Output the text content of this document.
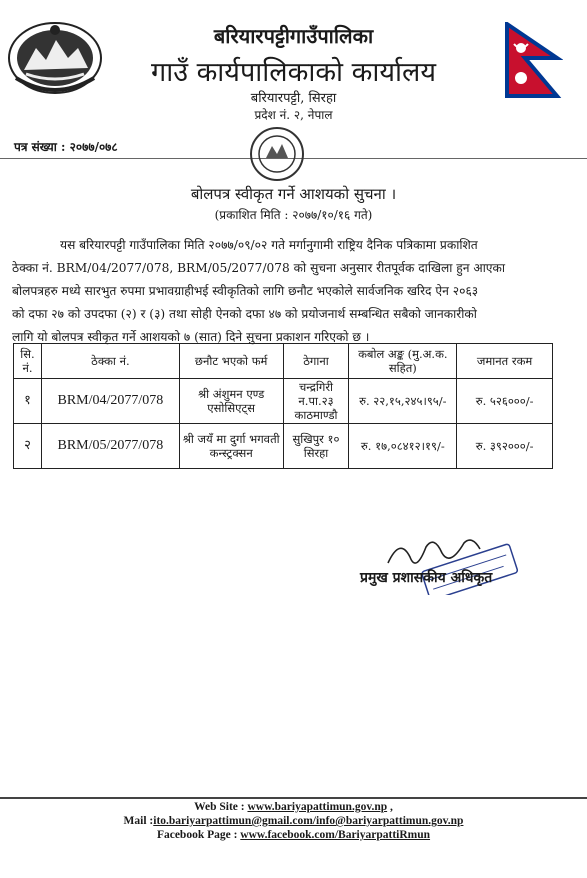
बरियारपट्टीगाउँपालिका
गाउँ कार्यपालिकाको कार्यालय
बरियारपट्टी, सिरहा
प्रदेश नं. २, नेपाल
पत्र संख्या : २०७७/०७८
बोलपत्र स्वीकृत गर्ने आशयको सुचना ।
(प्रकाशित मिति : २०७७/१०/१६ गते)
यस बरियारपट्टी गाउँपालिका मिति २०७७/०९/०२ गते मर्गानुगामी राष्ट्रिय दैनिक पत्रिकामा प्रकाशित
ठेक्का नं. BRM/04/2077/078, BRM/05/2077/078 को सुचना अनुसार रीतपूर्वक दाखिला हुन आएका
बोलपत्रहरु मध्ये सारभुत रुपमा प्रभावग्राहीभई स्वीकृतिको लागि छनौट भएकोले सार्वजनिक खरिद ऐन २०६३
को दफा २७ को उपदफा (२) र (३) तथा सोही ऐनको दफा ४७ को प्रयोजनार्थ सम्बन्धित सबैको जानकारीको
लागि यो बोलपत्र स्वीकृत गर्ने आशयको ७ (सात) दिने सुचना प्रकाशन गरिएको छ ।
सि. नं.	ठेक्का नं.	छनौट भएको फर्म	ठेगाना	कबोल अङ्क (मु.अ.क. सहित)	जमानत रकम
१	BRM/04/2077/078	श्री अंशुमन एण्ड एसोसिएट्स	चन्द्रगिरी न.पा.२३ काठमाण्डौ	रु. २२,१५,२४५।९५/-	रु. ५२६०००/-
२	BRM/05/2077/078	श्री जयँ मा दुर्गा भगवती कन्स्ट्रक्सन	सुखिपुर १० सिरहा	रु. १७,०८४१२।१९/-	रु. ३९२०००/-
प्रमुख प्रशासकीय अधिकृत
Web Site : www.bariyapattimun.gov.np ,
Mail :ito.bariyarpattimun@gmail.com/info@bariyarpattimun.gov.np
Facebook Page : www.facebook.com/BariyarpattiRmun
